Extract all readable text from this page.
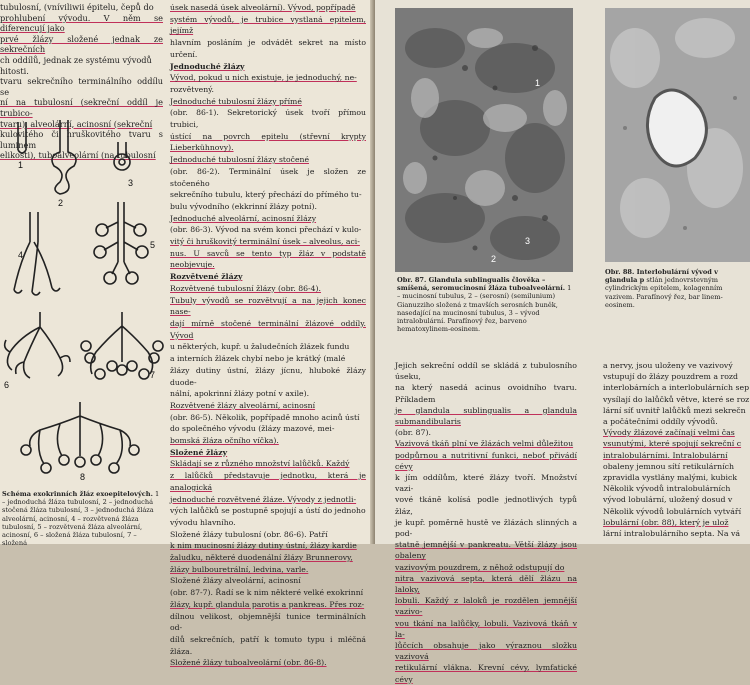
tubulosní, (vníviliwii épitelu, čepů do

prohlubení vývodu. V něm se diferencují jako

prvé žlázy složené jednak ze sekrečních

ch oddílů, jednak ze systému vývodů

hitosti.

tvaru sekrečního terminálního oddílu se

ní na tubulosní (sekreční oddíl je trubico-

tvaru), alveolární, acinosní (sekreční

kulovitého či hruškovitého tvaru s luminem

elikosti), tuboalveolární (na tubulosní

1
2
3
4
5
6
7
8
Schéma exokrinních žláz exoepitelových. 1 – jednoduchá žláza tubulosní, 2 – jednoduchá stočená žláza tubulosní, 3 – jednoduchá žláza alveolární, acinosní, 4 – rozvětvená žláza tubulosní, 5 – rozvětvená žláza alveolární, acinosní, 6 – složená žláza tubulosní, 7 – složená

úsek nasedá úsek alveolární). Vývod, popřípadě

systém vývodů, je trubice vystlaná epitelem, jejímž

hlavním posláním je odvádět sekret na místo určení.

Jednoduché žlázy

Vývod, pokud u nich existuje, je jednoduchý, ne-

rozvětvený.

Jednoduché tubulosní žlázy přímé

(obr. 86-1). Sekretorický úsek tvoří přímou trubici,

ústící na povrch epitelu (střevní krypty Lieberkühnovy).

Jednoduché tubulosní žlázy stočené

(obr. 86-2). Terminální úsek je složen ze stočeného

sekrečního tubulu, který přechází do přímého tu-

bulu vývodního (ekkrinní žlázy potní).

Jednoduché alveolární, acinosní žlázy

(obr. 86-3). Vývod na svém konci přechází v kulo-

vitý či hruškovitý terminální úsek – alveolus, aci-

nus. U savců se tento typ žláz v podstatě neobjevuje.

Rozvětvené žlázy

Rozvětvené tubulosní žlázy (obr. 86-4).

Tubuly vývodů se rozvětvují a na jejich konec nase-

dají mírně stočené terminální žlázové oddíly. Vývod

u některých, kupř. u žaludečních žlázek fundu

a interních žlázek chybí nebo je krátký (malé

žlázy dutiny ústní, žlázy jícnu, hluboké žlázy duode-

nální, apokrinní žlázy potní v axile).

Rozvětvené žlázy alveolární, acinosní

(obr. 86-5). Několik, popřípadě mnoho acinů ústí

do společného vývodu (žlázy mazové, mei-

bomská žláza očního víčka).

Složené žlázy

Skládají se z různého množství lalůčků. Každý

z lalůčků představuje jednotku, která je analogická

jednoduché rozvětvené žláze. Vývody z jednotli-

vých lalůčků se postupně spojují a ústí do jednoho

vývodu hlavního.

Složené žlázy tubulosní (obr. 86-6). Patří

k nim mucinosní žlázy dutiny ústní, žlázy kardie

žaludku, některé duodenální žlázy Brunnerovy,

žlázy bulbouretrální, ledvina, varle.

Složené žlázy alveolární, acinosní

(obr. 87-7). Řadí se k nim některé velké exokrinní

žlázy, kupř. glandula parotis a pankreas. Přes roz-

dílnou velikost, objemnější tunice terminálních od-

dílů sekrečních, patří k tomuto typu i mléčná žláza.

Složené žlázy tuboalveolární (obr. 86-8).

1
2
3
Obr. 87. Glandula sublingualis člověka – smíšená, seromucinosní žláza tuboalveolární. 1 – mucinosní tubulus, 2 – (serosní) (semilunium) Gianuzziho složená z tmavších serosních buněk, nasedající na mucinosní tubulus, 3 – vývod intralobulární. Parafínový řez, barveno hematoxylinem-eosinem.
Obr. 88. Interlobulární vývod v glandula p stlán jednovrstevným cylindrickým epitelem, kolagenním vazivem. Parafínový řez, bar linem-eosinem.

Jejich sekreční oddíl se skládá z tubulosního úseku,

na který nasedá acinus ovoidního tvaru. Příkladem

je glandula sublingualis a glandula submandibularis

(obr. 87).

Vazivová tkáň plní ve žlázách velmi důležitou

podpůrnou a nutritivní funkci, neboť přivádí cévy

k jím oddílům, které žlázy tvoří. Množství vazi-

vové tkáně kolísá podle jednotlivých typů žláz,

je kupř. poměrně hustě ve žlázách slinných a pod-

statně jemnější v pankreatu. Větší žlázy jsou obaleny

vazivovým pouzdrem, z něhož odstupují do

nitra vazivová septa, která dělí žlázu na laloky,

lobuli. Každý z laloků je rozdělen jemnější vazivo-

vou tkání na lalůčky, lobuli. Vazivová tkáň v la-

lůčcích obsahuje jako výraznou složku vazivová

retikulární vlákna. Krevní cévy, lymfatické cévy

a nervy, jsou uloženy ve vazivový

vstupují do žlázy pouzdrem a rozd

interlobárních a interlobulárních sep

vysílají do lalůčků větve, které se roz

lární síť uvnitř lalůčků mezi sekrečn

a počátečními oddíly vývodů.

Vývody žlázové začínají velmi čas

vsunutými, které spojují sekreční c

intralobulárními. Intralobulární

obaleny jemnou sítí retikulárních

zpravidla vystlány malými, kubick

Několik vývodů intralobulárních

vývod lobulární, uložený dosud v

Několik vývodů lobulárních vytváří

lobulární (obr. 88), který je ulož

lární intralobulárního septa. Na vá
